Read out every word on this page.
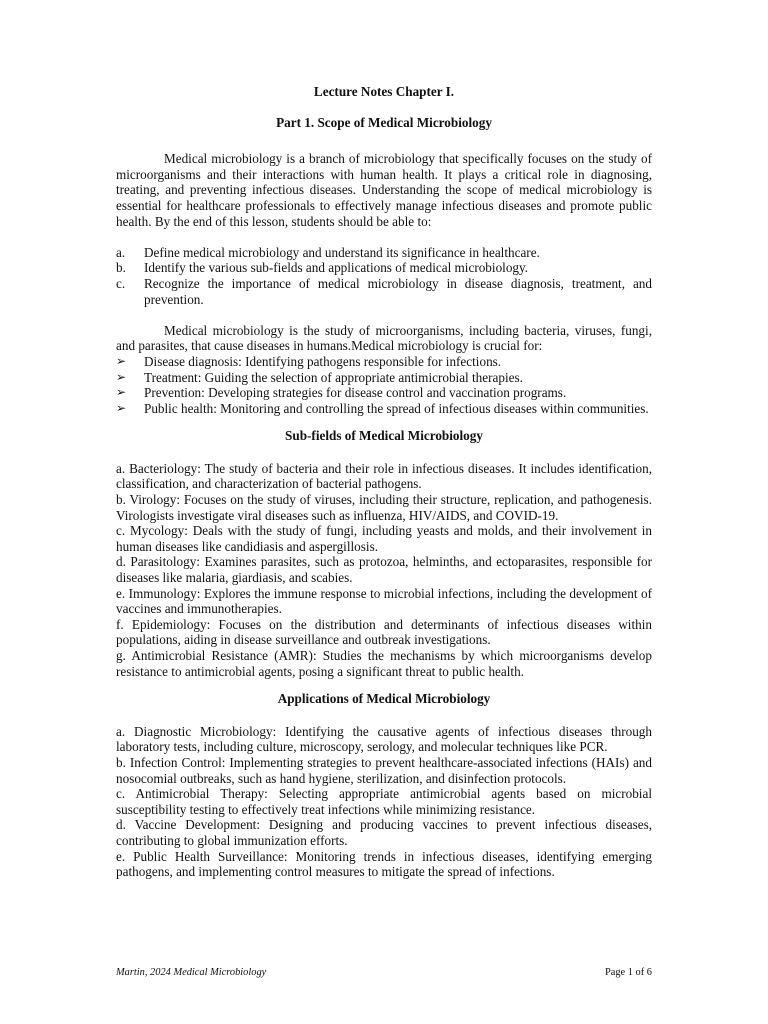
Lecture Notes Chapter I.
Part 1. Scope of Medical Microbiology

Medical microbiology is a branch of microbiology that specifically focuses on the study of microorganisms and their interactions with human health. It plays a critical role in diagnosing, treating, and preventing infectious diseases. Understanding the scope of medical microbiology is essential for healthcare professionals to effectively manage infectious diseases and promote public health. By the end of this lesson, students should be able to:

a. Define medical microbiology and understand its significance in healthcare.
b. Identify the various sub-fields and applications of medical microbiology.
c. Recognize the importance of medical microbiology in disease diagnosis, treatment, and prevention.

Medical microbiology is the study of microorganisms, including bacteria, viruses, fungi, and parasites, that cause diseases in humans.Medical microbiology is crucial for:

➢ Disease diagnosis: Identifying pathogens responsible for infections.
➢ Treatment: Guiding the selection of appropriate antimicrobial therapies.
➢ Prevention: Developing strategies for disease control and vaccination programs.
➢ Public health: Monitoring and controlling the spread of infectious diseases within communities.
Sub-fields of Medical Microbiology

a. Bacteriology: The study of bacteria and their role in infectious diseases. It includes identification, classification, and characterization of bacterial pathogens.

b. Virology: Focuses on the study of viruses, including their structure, replication, and pathogenesis. Virologists investigate viral diseases such as influenza, HIV/AIDS, and COVID-19.

c. Mycology: Deals with the study of fungi, including yeasts and molds, and their involvement in human diseases like candidiasis and aspergillosis.

d. Parasitology: Examines parasites, such as protozoa, helminths, and ectoparasites, responsible for diseases like malaria, giardiasis, and scabies.

e. Immunology: Explores the immune response to microbial infections, including the development of vaccines and immunotherapies.

f. Epidemiology: Focuses on the distribution and determinants of infectious diseases within populations, aiding in disease surveillance and outbreak investigations.

g. Antimicrobial Resistance (AMR): Studies the mechanisms by which microorganisms develop resistance to antimicrobial agents, posing a significant threat to public health.

Applications of Medical Microbiology

a. Diagnostic Microbiology: Identifying the causative agents of infectious diseases through laboratory tests, including culture, microscopy, serology, and molecular techniques like PCR.

b. Infection Control: Implementing strategies to prevent healthcare-associated infections (HAIs) and nosocomial outbreaks, such as hand hygiene, sterilization, and disinfection protocols.

c. Antimicrobial Therapy: Selecting appropriate antimicrobial agents based on microbial susceptibility testing to effectively treat infections while minimizing resistance.

d. Vaccine Development: Designing and producing vaccines to prevent infectious diseases, contributing to global immunization efforts.

e. Public Health Surveillance: Monitoring trends in infectious diseases, identifying emerging pathogens, and implementing control measures to mitigate the spread of infections.

Martin, 2024 Medical Microbiology	Page 1 of 6
